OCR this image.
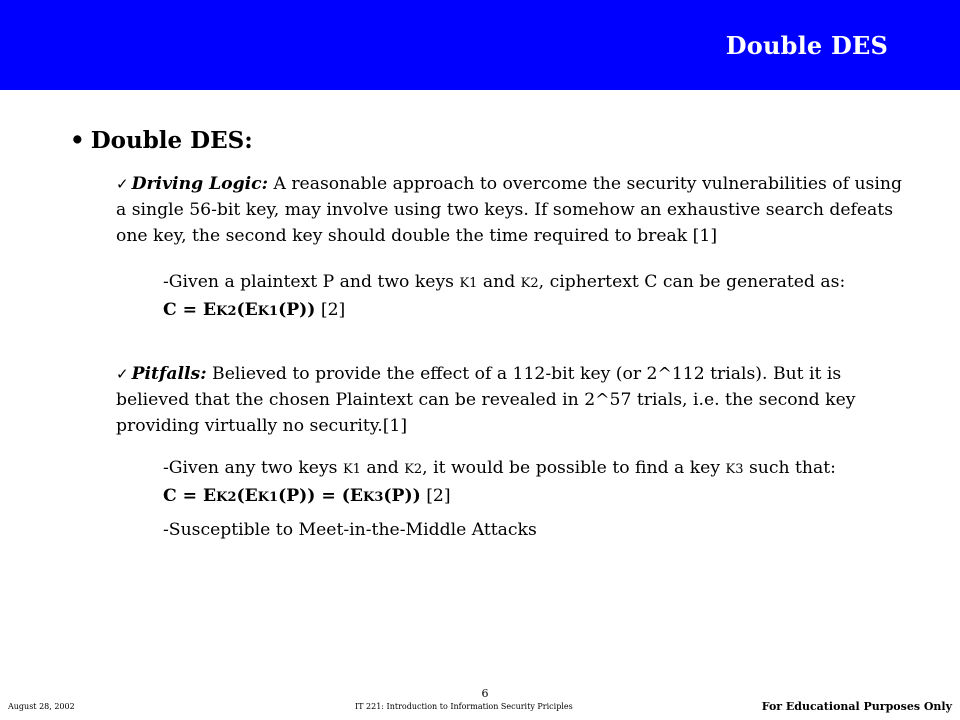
Double DES
• Double DES:
✓ Driving Logic: A reasonable approach to overcome the security vulnerabilities of using a single 56-bit key, may involve using two keys. If somehow an exhaustive search defeats one key, the second key should double the time required to break [1]
-Given a plaintext P and two keys K1 and K2, ciphertext C can be generated as:
C = EK2(EK1(P)) [2]
✓ Pitfalls: Believed to provide the effect of a 112-bit key (or 2^112 trials). But it is believed that the chosen Plaintext can be revealed in 2^57 trials, i.e. the second key providing virtually no security.[1]
-Given any two keys K1 and K2, it would be possible to find a key K3 such that:
C = EK2(EK1(P)) = (EK3(P)) [2]
-Susceptible to Meet-in-the-Middle Attacks
6
August 28, 2002	IT 221: Introduction to Information Security Priciples	For Educational Purposes Only
